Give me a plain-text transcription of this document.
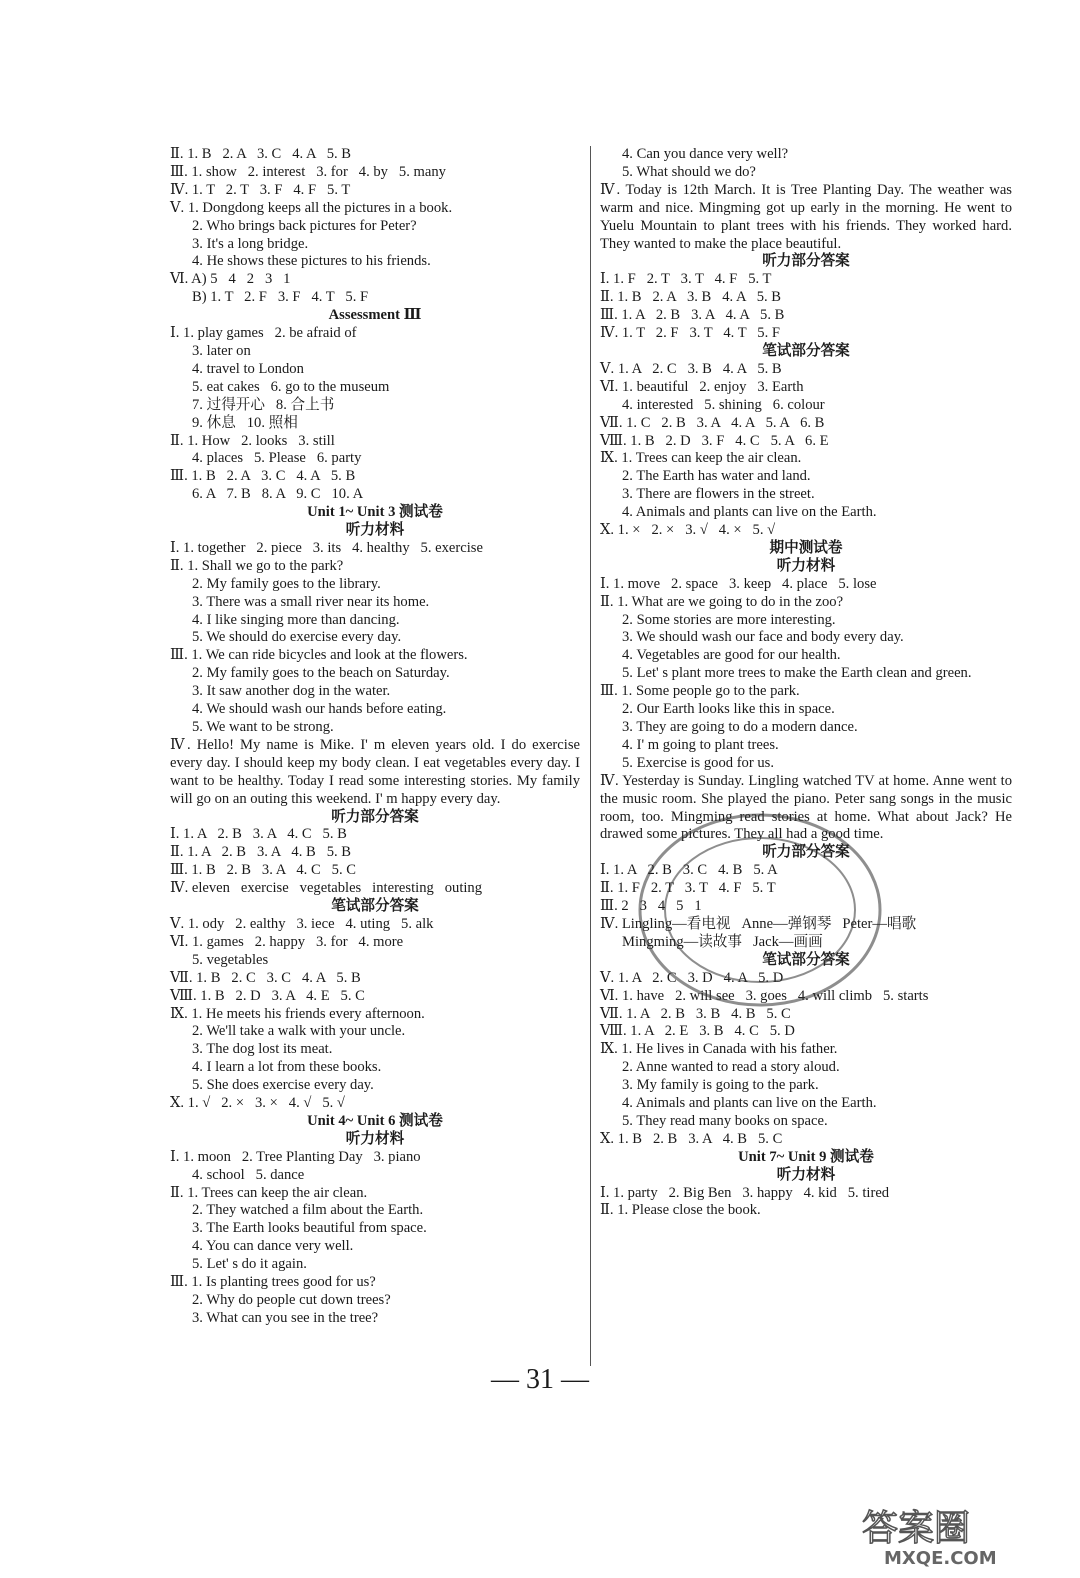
Ⅱ. 1. B   2. A   3. C   4. A   5. B
Ⅲ. 1. show   2. interest   3. for   4. by   5. many
Ⅳ. 1. T   2. T   3. F   4. F   5. T
Ⅴ. 1. Dongdong keeps all the pictures in a book.
2. Who brings back pictures for Peter?
3. It's a long bridge.
4. He shows these pictures to his friends.
Ⅵ. A) 5   4   2   3   1
B) 1. T   2. F   3. F   4. T   5. F
Assessment Ⅲ
Ⅰ. 1. play games   2. be afraid of
3. later on
4. travel to London
5. eat cakes   6. go to the museum
7. 过得开心   8. 合上书
9. 休息   10. 照相
Ⅱ. 1. How   2. looks   3. still
4. places   5. Please   6. party
Ⅲ. 1. B   2. A   3. C   4. A   5. B
6. A   7. B   8. A   9. C   10. A
Unit 1~ Unit 3 测试卷
听力材料
Ⅰ. 1. together   2. piece   3. its   4. healthy   5. exercise
Ⅱ. 1. Shall we go to the park?
2. My family goes to the library.
3. There was a small river near its home.
4. I like singing more than dancing.
5. We should do exercise every day.
Ⅲ. 1. We can ride bicycles and look at the flowers.
2. My family goes to the beach on Saturday.
3. It saw another dog in the water.
4. We should wash our hands before eating.
5. We want to be strong.
Ⅳ. Hello! My name is Mike. I' m eleven years old. I do exercise every day. I should keep my body clean. I eat vegetables every day. I want to be healthy. Today I read some interesting stories. My family will go on an outing this weekend. I' m happy every day.
听力部分答案
Ⅰ. 1. A   2. B   3. A   4. C   5. B
Ⅱ. 1. A   2. B   3. A   4. B   5. B
Ⅲ. 1. B   2. B   3. A   4. C   5. C
Ⅳ. eleven   exercise   vegetables   interesting   outing
笔试部分答案
Ⅴ. 1. ody   2. ealthy   3. iece   4. uting   5. alk
Ⅵ. 1. games   2. happy   3. for   4. more
5. vegetables
Ⅶ. 1. B   2. C   3. C   4. A   5. B
Ⅷ. 1. B   2. D   3. A   4. E   5. C
Ⅸ. 1. He meets his friends every afternoon.
2. We'll take a walk with your uncle.
3. The dog lost its meat.
4. I learn a lot from these books.
5. She does exercise every day.
Ⅹ. 1. √   2. ×   3. ×   4. √   5. √
Unit 4~ Unit 6 测试卷
听力材料
Ⅰ. 1. moon   2. Tree Planting Day   3. piano
4. school   5. dance
Ⅱ. 1. Trees can keep the air clean.
2. They watched a film about the Earth.
3. The Earth looks beautiful from space.
4. You can dance very well.
5. Let' s do it again.
Ⅲ. 1. Is planting trees good for us?
2. Why do people cut down trees?
3. What can you see in the tree?
4. Can you dance very well?
5. What should we do?
Ⅳ. Today is 12th March. It is Tree Planting Day. The weather was warm and nice. Mingming got up early in the morning. He went to Yuelu Mountain to plant trees with his friends. They worked hard. They wanted to make the place beautiful.
听力部分答案
Ⅰ. 1. F   2. T   3. T   4. F   5. T
Ⅱ. 1. B   2. A   3. B   4. A   5. B
Ⅲ. 1. A   2. B   3. A   4. A   5. B
Ⅳ. 1. T   2. F   3. T   4. T   5. F
笔试部分答案
Ⅴ. 1. A   2. C   3. B   4. A   5. B
Ⅵ. 1. beautiful   2. enjoy   3. Earth
4. interested   5. shining   6. colour
Ⅶ. 1. C   2. B   3. A   4. A   5. A   6. B
Ⅷ. 1. B   2. D   3. F   4. C   5. A   6. E
Ⅸ. 1. Trees can keep the air clean.
2. The Earth has water and land.
3. There are flowers in the street.
4. Animals and plants can live on the Earth.
Ⅹ. 1. ×   2. ×   3. √   4. ×   5. √
期中测试卷
听力材料
Ⅰ. 1. move   2. space   3. keep   4. place   5. lose
Ⅱ. 1. What are we going to do in the zoo?
2. Some stories are more interesting.
3. We should wash our face and body every day.
4. Vegetables are good for our health.
5. Let' s plant more trees to make the Earth clean and green.
Ⅲ. 1. Some people go to the park.
2. Our Earth looks like this in space.
3. They are going to do a modern dance.
4. I' m going to plant trees.
5. Exercise is good for us.
Ⅳ. Yesterday is Sunday. Lingling watched TV at home. Anne went to the music room. She played the piano. Peter sang songs in the music room, too. Mingming read stories at home. What about Jack? He drawed some pictures. They all had a good time.
听力部分答案
Ⅰ. 1. A   2. B   3. C   4. B   5. A
Ⅱ. 1. F   2. T   3. T   4. F   5. T
Ⅲ. 2   3   4   5   1
Ⅳ. Lingling—看电视   Anne—弹钢琴   Peter—唱歌
Mingming—读故事   Jack—画画
笔试部分答案
Ⅴ. 1. A   2. C   3. D   4. A   5. D
Ⅵ. 1. have   2. will see   3. goes   4. will climb   5. starts
Ⅶ. 1. A   2. B   3. B   4. B   5. C
Ⅷ. 1. A   2. E   3. B   4. C   5. D
Ⅸ. 1. He lives in Canada with his father.
2. Anne wanted to read a story aloud.
3. My family is going to the park.
4. Animals and plants can live on the Earth.
5. They read many books on space.
Ⅹ. 1. B   2. B   3. A   4. B   5. C
Unit 7~ Unit 9 测试卷
听力材料
Ⅰ. 1. party   2. Big Ben   3. happy   4. kid   5. tired
Ⅱ. 1. Please close the book.
— 31 —
答案圈
MXQE.COM
